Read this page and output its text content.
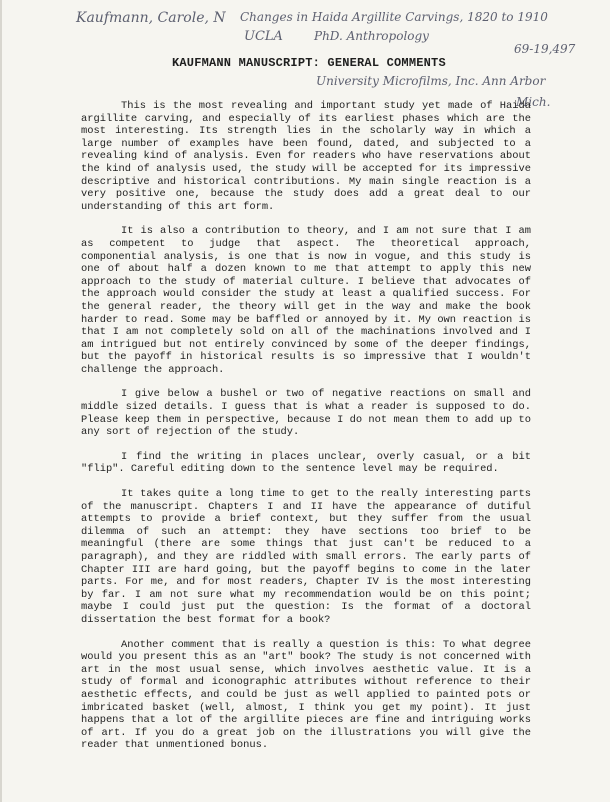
Kaufmann, Carole, N Changes in Haida Argillite Carvings, 1820 to 1910
UCLA	PhD. Anthropology
69-19,497
KAUFMANN MANUSCRIPT: GENERAL COMMENTS
University Microfilms, Inc. Ann Arbor
Mich.

This is the most revealing and important study yet made of Haida argillite carving, and especially of its earliest phases which are the most interesting. Its strength lies in the scholarly way in which a large number of examples have been found, dated, and subjected to a revealing kind of analysis. Even for readers who have reservations about the kind of analysis used, the study will be accepted for its impressive descriptive and historical contributions. My main single reaction is a very positive one, because the study does add a great deal to our understanding of this art form.

It is also a contribution to theory, and I am not sure that I am as competent to judge that aspect. The theoretical approach, componential analysis, is one that is now in vogue, and this study is one of about half a dozen known to me that attempt to apply this new approach to the study of material culture. I believe that advocates of the approach would consider the study at least a qualified success. For the general reader, the theory will get in the way and make the book harder to read. Some may be baffled or annoyed by it. My own reaction is that I am not completely sold on all of the machinations involved and I am intrigued but not entirely convinced by some of the deeper findings, but the payoff in historical results is so impressive that I wouldn't challenge the approach.

I give below a bushel or two of negative reactions on small and middle sized details. I guess that is what a reader is supposed to do. Please keep them in perspective, because I do not mean them to add up to any sort of rejection of the study.

I find the writing in places unclear, overly casual, or a bit "flip". Careful editing down to the sentence level may be required.

It takes quite a long time to get to the really interesting parts of the manuscript. Chapters I and II have the appearance of dutiful attempts to provide a brief context, but they suffer from the usual dilemma of such an attempt: they have sections too brief to be meaningful (there are some things that just can't be reduced to a paragraph), and they are riddled with small errors. The early parts of Chapter III are hard going, but the payoff begins to come in the later parts. For me, and for most readers, Chapter IV is the most interesting by far. I am not sure what my recommendation would be on this point; maybe I could just put the question: Is the format of a doctoral dissertation the best format for a book?

Another comment that is really a question is this: To what degree would you present this as an "art" book? The study is not concerned with art in the most usual sense, which involves aesthetic value. It is a study of formal and iconographic attributes without reference to their aesthetic effects, and could be just as well applied to painted pots or imbricated basket (well, almost, I think you get my point). It just happens that a lot of the argillite pieces are fine and intriguing works of art. If you do a great job on the illustrations you will give the reader that unmentioned bonus.
